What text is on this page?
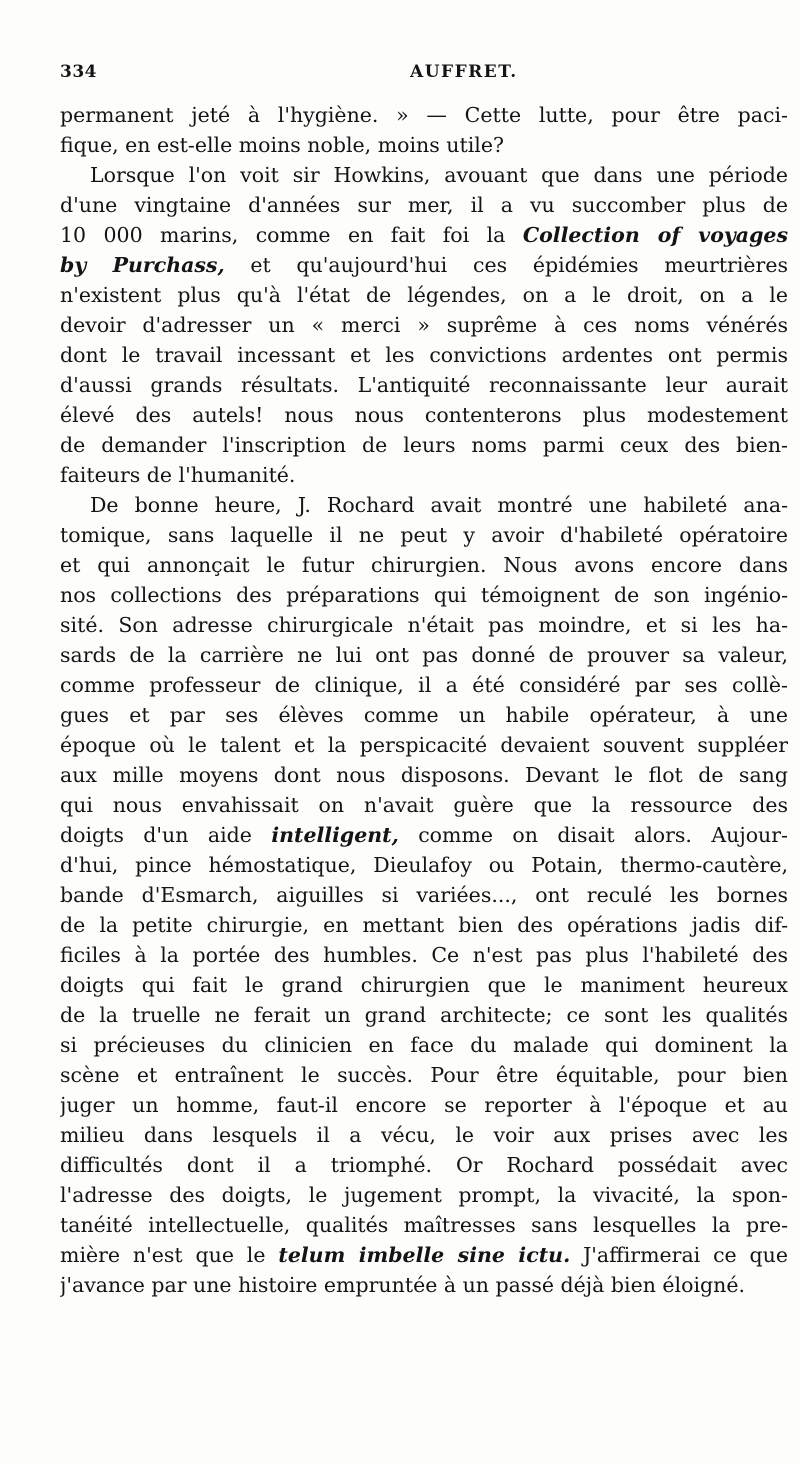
334	AUFFRET.
permanent jeté à l'hygiène. » — Cette lutte, pour être paci-
fique, en est-elle moins noble, moins utile?
Lorsque l'on voit sir Howkins, avouant que dans une période
d'une vingtaine d'années sur mer, il a vu succomber plus de
10 000 marins, comme en fait foi la Collection of voyages
by Purchass, et qu'aujourd'hui ces épidémies meurtrières
n'existent plus qu'à l'état de légendes, on a le droit, on a le
devoir d'adresser un « merci » suprême à ces noms vénérés
dont le travail incessant et les convictions ardentes ont permis
d'aussi grands résultats. L'antiquité reconnaissante leur aurait
élevé des autels! nous nous contenterons plus modestement
de demander l'inscription de leurs noms parmi ceux des bien-
faiteurs de l'humanité.
De bonne heure, J. Rochard avait montré une habileté ana-
tomique, sans laquelle il ne peut y avoir d'habileté opératoire
et qui annonçait le futur chirurgien. Nous avons encore dans
nos collections des préparations qui témoignent de son ingénio-
sité. Son adresse chirurgicale n'était pas moindre, et si les ha-
sards de la carrière ne lui ont pas donné de prouver sa valeur,
comme professeur de clinique, il a été considéré par ses collè-
gues et par ses élèves comme un habile opérateur, à une
époque où le talent et la perspicacité devaient souvent suppléer
aux mille moyens dont nous disposons. Devant le flot de sang
qui nous envahissait on n'avait guère que la ressource des
doigts d'un aide intelligent, comme on disait alors. Aujour-
d'hui, pince hémostatique, Dieulafoy ou Potain, thermo-cautère,
bande d'Esmarch, aiguilles si variées..., ont reculé les bornes
de la petite chirurgie, en mettant bien des opérations jadis dif-
ficiles à la portée des humbles. Ce n'est pas plus l'habileté des
doigts qui fait le grand chirurgien que le maniment heureux
de la truelle ne ferait un grand architecte; ce sont les qualités
si précieuses du clinicien en face du malade qui dominent la
scène et entraînent le succès. Pour être équitable, pour bien
juger un homme, faut-il encore se reporter à l'époque et au
milieu dans lesquels il a vécu, le voir aux prises avec les
difficultés dont il a triomphé. Or Rochard possédait avec
l'adresse des doigts, le jugement prompt, la vivacité, la spon-
tanéité intellectuelle, qualités maîtresses sans lesquelles la pre-
mière n'est que le telum imbelle sine ictu. J'affirmerai ce que
j'avance par une histoire empruntée à un passé déjà bien éloigné.
